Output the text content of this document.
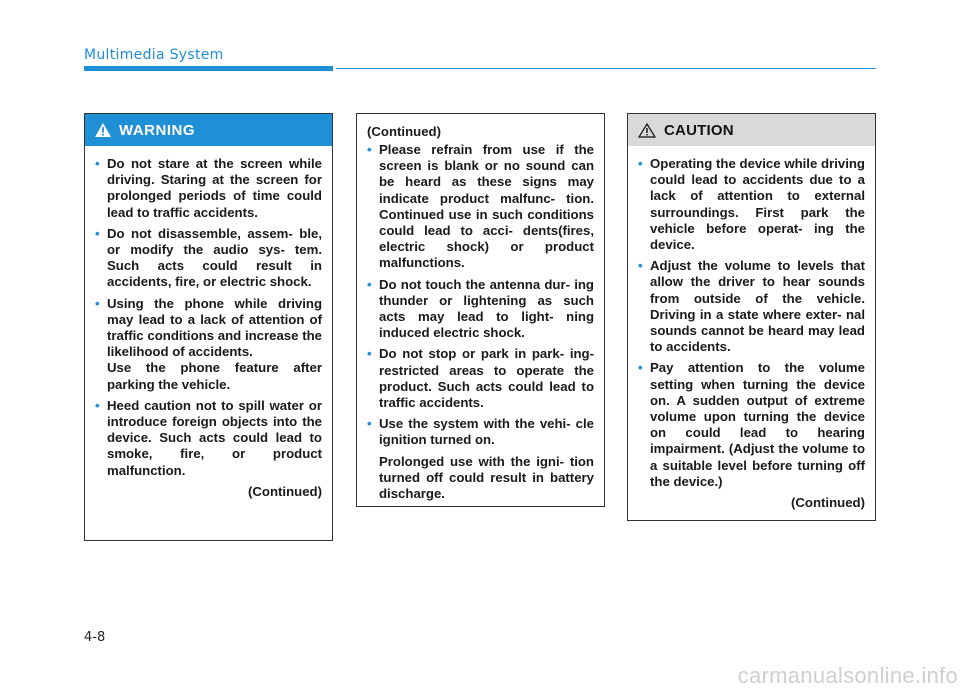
Multimedia System
WARNING
• Do not stare at the screen while driving. Staring at the screen for prolonged periods of time could lead to traffic accidents.
• Do not disassemble, assem- ble, or modify the audio sys- tem. Such acts could result in accidents, fire, or electric shock.
• Using the phone while driving may lead to a lack of attention of traffic conditions and increase the likelihood of accidents.
Use the phone feature after parking the vehicle.
• Heed caution not to spill water or introduce foreign objects into the device. Such acts could lead to smoke, fire, or product malfunction.
(Continued)
(Continued)
• Please refrain from use if the screen is blank or no sound can be heard as these signs may indicate product malfunc- tion. Continued use in such conditions could lead to acci- dents(fires, electric shock) or product malfunctions.
• Do not touch the antenna dur- ing thunder or lightening as such acts may lead to light- ning induced electric shock.
• Do not stop or park in park- ing-restricted areas to operate the product. Such acts could lead to traffic accidents.
• Use the system with the vehi- cle ignition turned on.
Prolonged use with the igni- tion turned off could result in battery discharge.
CAUTION
• Operating the device while driving could lead to accidents due to a lack of attention to external surroundings. First park the vehicle before operat- ing the device.
• Adjust the volume to levels that allow the driver to hear sounds from outside of the vehicle. Driving in a state where exter- nal sounds cannot be heard may lead to accidents.
• Pay attention to the volume setting when turning the device on. A sudden output of extreme volume upon turning the device on could lead to hearing impairment. (Adjust the volume to a suitable level before turning off the device.)
(Continued)
4-8
carmanualsonline.info
